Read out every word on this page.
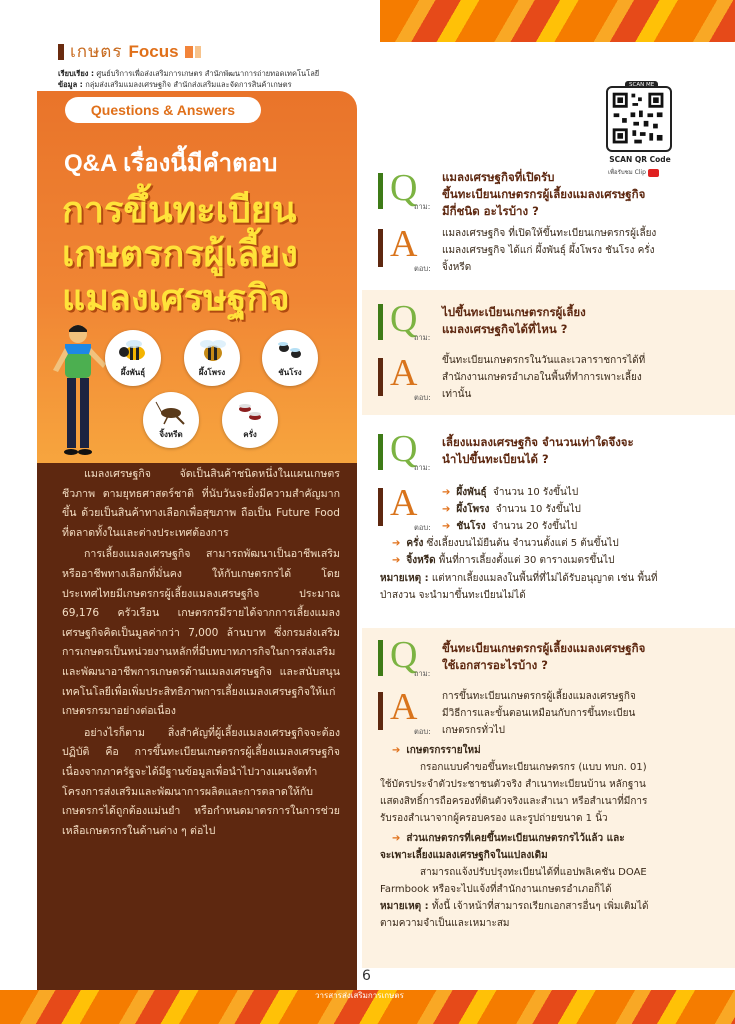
เกษตร Focus
เรียบเรียง : ศูนย์บริการเพื่อส่งเสริมการเกษตร สำนักพัฒนาการถ่ายทอดเทคโนโลยี
ข้อมูล : กลุ่มส่งเสริมแมลงเศรษฐกิจ สำนักส่งเสริมและจัดการสินค้าเกษตร
Questions & Answers
Q&A เรื่องนี้มีคำตอบ
การขึ้นทะเบียน
เกษตรกรผู้เลี้ยง
แมลงเศรษฐกิจ
ผึ้งพันธุ์	ผึ้งโพรง	ชันโรง
จิ้งหรีด	ครั่ง

แมลงเศรษฐกิจ จัดเป็นสินค้าชนิดหนึ่งในแผนเกษตรชีวภาพ ตามยุทธศาสตร์ชาติ ที่นับวันจะยิ่งมีความสำคัญมากขึ้น ด้วยเป็นสินค้าทางเลือกเพื่อสุขภาพ ถือเป็น Future Food ที่ตลาดทั้งในและต่างประเทศต้องการ

การเลี้ยงแมลงเศรษฐกิจ สามารถพัฒนาเป็นอาชีพเสริมหรืออาชีพทางเลือกที่มั่นคง ให้กับเกษตรกรได้ โดยประเทศไทยมีเกษตรกรผู้เลี้ยงแมลงเศรษฐกิจ ประมาณ 69,176 ครัวเรือน เกษตรกรมีรายได้จากการเลี้ยงแมลงเศรษฐกิจคิดเป็นมูลค่ากว่า 7,000 ล้านบาท ซึ่งกรมส่งเสริมการเกษตรเป็นหน่วยงานหลักที่มีบทบาทภารกิจในการส่งเสริมและพัฒนาอาชีพการเกษตรด้านแมลงเศรษฐกิจ และสนับสนุนเทคโนโลยีเพื่อเพิ่มประสิทธิภาพการเลี้ยงแมลงเศรษฐกิจให้แก่เกษตรกรมาอย่างต่อเนื่อง

อย่างไรก็ตาม สิ่งสำคัญที่ผู้เลี้ยงแมลงเศรษฐกิจจะต้องปฏิบัติ คือ การขึ้นทะเบียนเกษตรกรผู้เลี้ยงแมลงเศรษฐกิจ เนื่องจากภาครัฐจะได้มีฐานข้อมูลเพื่อนำไปวางแผนจัดทำโครงการส่งเสริมและพัฒนาการผลิตและการตลาดให้กับเกษตรกรได้ถูกต้องแม่นยำ หรือกำหนดมาตรการในการช่วยเหลือเกษตรกรในด้านต่าง ๆ ต่อไป

SCAN ME
SCAN QR Code
เพื่อรับชม Clip
Q
ถาม:
แมลงเศรษฐกิจที่เปิดรับ
ขึ้นทะเบียนเกษตรกรผู้เลี้ยงแมลงเศรษฐกิจ
มีกี่ชนิด อะไรบ้าง ?
A
ตอบ:
แมลงเศรษฐกิจ ที่เปิดให้ขึ้นทะเบียนเกษตรกรผู้เลี้ยง
แมลงเศรษฐกิจ ได้แก่ ผึ้งพันธุ์ ผึ้งโพรง ชันโรง ครั่ง
จิ้งหรีด
Q
ถาม:
ไปขึ้นทะเบียนเกษตรกรผู้เลี้ยง
แมลงเศรษฐกิจได้ที่ไหน ?
A
ตอบ:
ขึ้นทะเบียนเกษตรกรในวันและเวลาราชการได้ที่
สำนักงานเกษตรอำเภอในพื้นที่ทำการเพาะเลี้ยง
เท่านั้น
Q
ถาม:
เลี้ยงแมลงเศรษฐกิจ จำนวนเท่าใดจึงจะ
นำไปขึ้นทะเบียนได้ ?
A
ตอบ:
➔ ผึ้งพันธุ์ จำนวน 10 รังขึ้นไป
➔ ผึ้งโพรง จำนวน 10 รังขึ้นไป
➔ ชันโรง จำนวน 20 รังขึ้นไป
➔ ครั่ง ซึ่งเลี้ยงบนไม้ยืนต้น จำนวนตั้งแต่ 5 ต้นขึ้นไป
➔ จิ้งหรีด พื้นที่การเลี้ยงตั้งแต่ 30 ตารางเมตรขึ้นไป
หมายเหตุ : แต่หากเลี้ยงแมลงในพื้นที่ที่ไม่ได้รับอนุญาต เช่น พื้นที่
ป่าสงวน จะนำมาขึ้นทะเบียนไม่ได้
Q
ถาม:
ขึ้นทะเบียนเกษตรกรผู้เลี้ยงแมลงเศรษฐกิจ
ใช้เอกสารอะไรบ้าง ?
A
ตอบ:
การขึ้นทะเบียนเกษตรกรผู้เลี้ยงแมลงเศรษฐกิจ
มีวิธีการและขั้นตอนเหมือนกับการขึ้นทะเบียน
เกษตรกรทั่วไป
➔ เกษตรกรรายใหม่
กรอกแบบคำขอขึ้นทะเบียนเกษตรกร (แบบ ทบก. 01)
ใช้บัตรประจำตัวประชาชนตัวจริง สำเนาทะเบียนบ้าน หลักฐาน
แสดงสิทธิ์การถือครองที่ดินตัวจริงและสำเนา หรือสำเนาที่มีการ
รับรองสำเนาจากผู้ครอบครอง และรูปถ่ายขนาด 1 นิ้ว
➔ ส่วนเกษตรกรที่เคยขึ้นทะเบียนเกษตรกรไว้แล้ว และ
จะเพาะเลี้ยงแมลงเศรษฐกิจในแปลงเดิม
สามารถแจ้งปรับปรุงทะเบียนได้ที่แอปพลิเคชัน DOAE
Farmbook หรือจะไปแจ้งที่สำนักงานเกษตรอำเภอก็ได้
หมายเหตุ : ทั้งนี้ เจ้าหน้าที่สามารถเรียกเอกสารอื่นๆ เพิ่มเติมได้
ตามความจำเป็นและเหมาะสม
6
วารสารส่งเสริมการเกษตร
